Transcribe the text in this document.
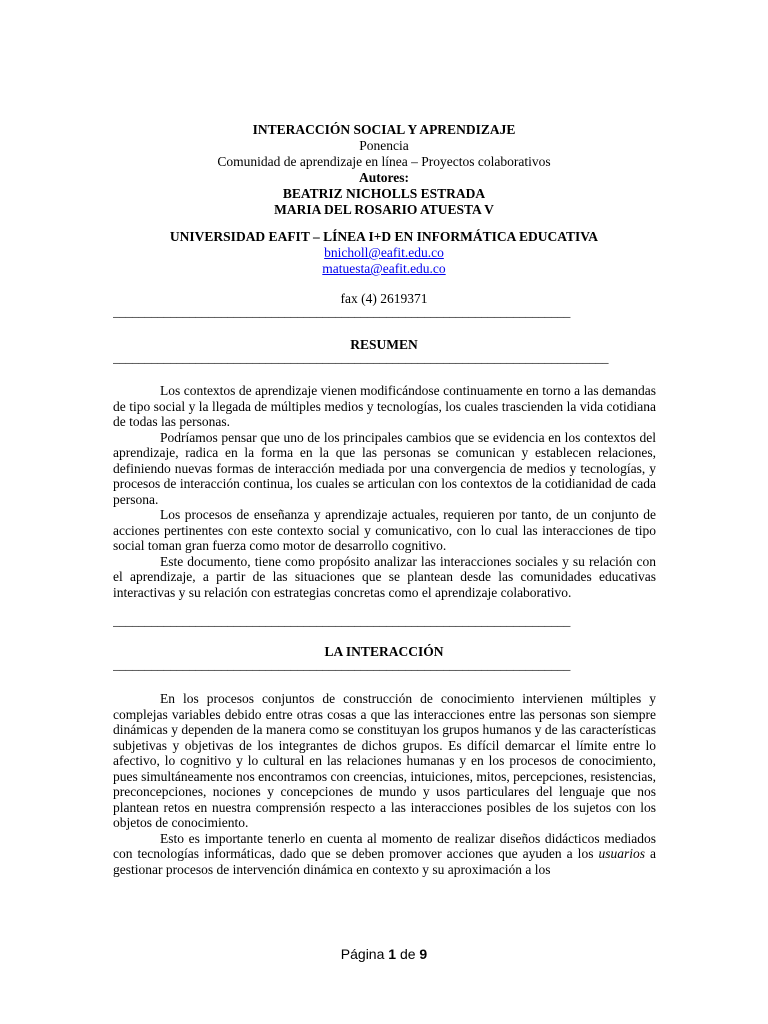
INTERACCIÓN SOCIAL Y APRENDIZAJE
Ponencia
Comunidad de aprendizaje en línea – Proyectos colaborativos
Autores:
BEATRIZ NICHOLLS ESTRADA
MARIA DEL ROSARIO ATUESTA V
UNIVERSIDAD EAFIT – LÍNEA I+D EN INFORMÁTICA EDUCATIVA
bnicholl@eafit.edu.co
matuesta@eafit.edu.co
fax (4) 2619371
________________________________________________________________________
RESUMEN
______________________________________________________________________________

Los contextos de aprendizaje vienen modificándose continuamente en torno a las demandas de tipo social y la llegada de múltiples medios y tecnologías, los cuales trascienden la vida cotidiana de todas las personas.

Podríamos pensar que uno de los principales cambios que se evidencia en los contextos del aprendizaje, radica en la forma en la que las personas se comunican y establecen relaciones, definiendo nuevas formas de interacción mediada por una convergencia de medios y tecnologías, y procesos de interacción continua, los cuales se articulan con los contextos de la cotidianidad de cada persona.

Los procesos de enseñanza y aprendizaje actuales, requieren por tanto, de un conjunto de acciones pertinentes con este contexto social y comunicativo, con lo cual las interacciones de tipo social toman gran fuerza como motor de desarrollo cognitivo.

Este documento, tiene como propósito analizar las interacciones sociales y su relación con el aprendizaje, a partir de las situaciones que se plantean desde las comunidades educativas interactivas y su relación con estrategias concretas como el aprendizaje colaborativo.

________________________________________________________________________
LA INTERACCIÓN
________________________________________________________________________

En los procesos conjuntos de construcción de conocimiento intervienen múltiples y complejas variables debido entre otras cosas a que las interacciones entre las personas son siempre dinámicas y dependen de la manera como se constituyan los grupos humanos y de las características subjetivas y objetivas de los integrantes de dichos grupos. Es difícil demarcar el límite entre lo afectivo, lo cognitivo y lo cultural en las relaciones humanas y en los procesos de conocimiento, pues simultáneamente nos encontramos con creencias, intuiciones, mitos, percepciones, resistencias, preconcepciones, nociones y concepciones de mundo y usos particulares del lenguaje que nos plantean retos en nuestra comprensión respecto a las interacciones posibles de los sujetos con los objetos de conocimiento.

Esto es importante tenerlo en cuenta al momento de realizar diseños didácticos mediados con tecnologías informáticas, dado que se deben promover acciones que ayuden a los usuarios a gestionar procesos de intervención dinámica en contexto y su aproximación a los

Página 1 de 9
